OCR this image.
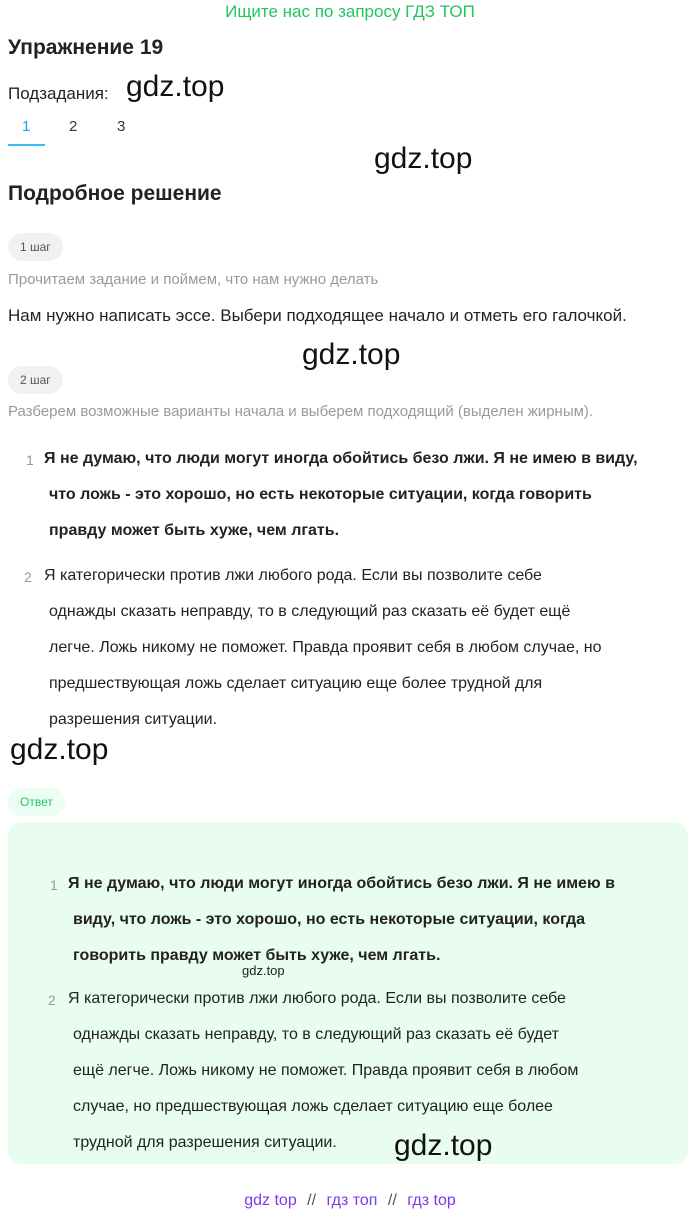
Ищите нас по запросу ГДЗ ТОП
Упражнение 19
Подзадания: gdz.top
1	2	3
gdz.top
Подробное решение
1 шаг
Прочитаем задание и поймем, что нам нужно делать
Нам нужно написать эссе. Выбери подходящее начало и отметь его галочкой.
gdz.top
2 шаг
Разберем возможные варианты начала и выберем подходящий (выделен жирным).
1 Я не думаю, что люди могут иногда обойтись безо лжи. Я не имею в виду,
что ложь - это хорошо, но есть некоторые ситуации, когда говорить
правду может быть хуже, чем лгать.
2 Я категорически против лжи любого рода. Если вы позволите себе
однажды сказать неправду, то в следующий раз сказать её будет ещё
легче. Ложь никому не поможет. Правда проявит себя в любом случае, но
предшествующая ложь сделает ситуацию еще более трудной для
разрешения ситуации.
gdz.top
Ответ
1 Я не думаю, что люди могут иногда обойтись безо лжи. Я не имею в
виду, что ложь - это хорошо, но есть некоторые ситуации, когда
говорить правду может быть хуже, чем лгать.
gdz.top
2 Я категорически против лжи любого рода. Если вы позволите себе
однажды сказать неправду, то в следующий раз сказать её будет
ещё легче. Ложь никому не поможет. Правда проявит себя в любом
случае, но предшествующая ложь сделает ситуацию еще более
трудной для разрешения ситуации. gdz.top
gdz top // гдз топ // гдз top
